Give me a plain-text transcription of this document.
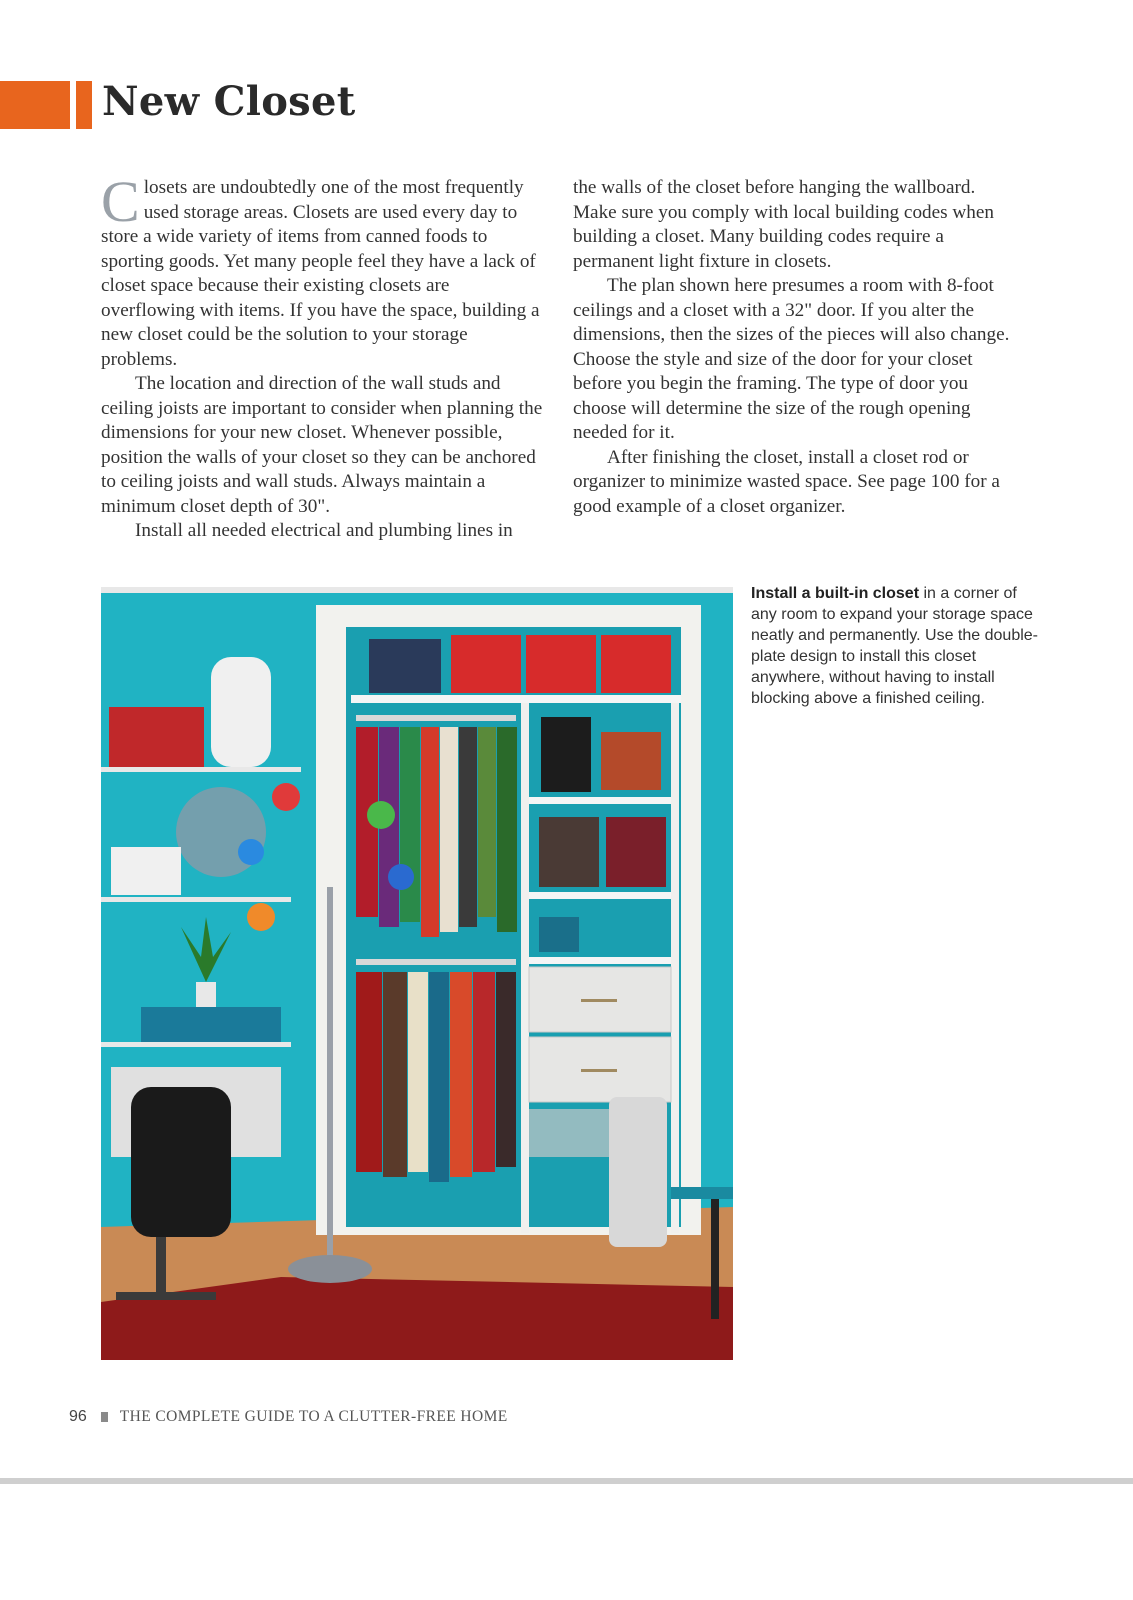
New Closet

Closets are undoubtedly one of the most frequently used storage areas. Closets are used every day to store a wide variety of items from canned foods to sporting goods. Yet many people feel they have a lack of closet space because their existing closets are overflowing with items. If you have the space, building a new closet could be the solution to your storage problems.

The location and direction of the wall studs and ceiling joists are important to consider when planning the dimensions for your new closet. Whenever possible, position the walls of your closet so they can be anchored to ceiling joists and wall studs. Always maintain a minimum closet depth of 30".

Install all needed electrical and plumbing lines in

the walls of the closet before hanging the wallboard. Make sure you comply with local building codes when building a closet. Many building codes require a permanent light fixture in closets.

The plan shown here presumes a room with 8-foot ceilings and a closet with a 32" door. If you alter the dimensions, then the sizes of the pieces will also change. Choose the style and size of the door for your closet before you begin the framing. The type of door you choose will determine the size of the rough opening needed for it.

After finishing the closet, install a closet rod or organizer to minimize wasted space. See page 100 for a good example of a closet organizer.

Install a built-in closet in a corner of any room to expand your storage space neatly and permanently. Use the double-plate design to install this closet anywhere, without having to install blocking above a finished ceiling.
96 THE COMPLETE GUIDE TO A CLUTTER-FREE HOME
